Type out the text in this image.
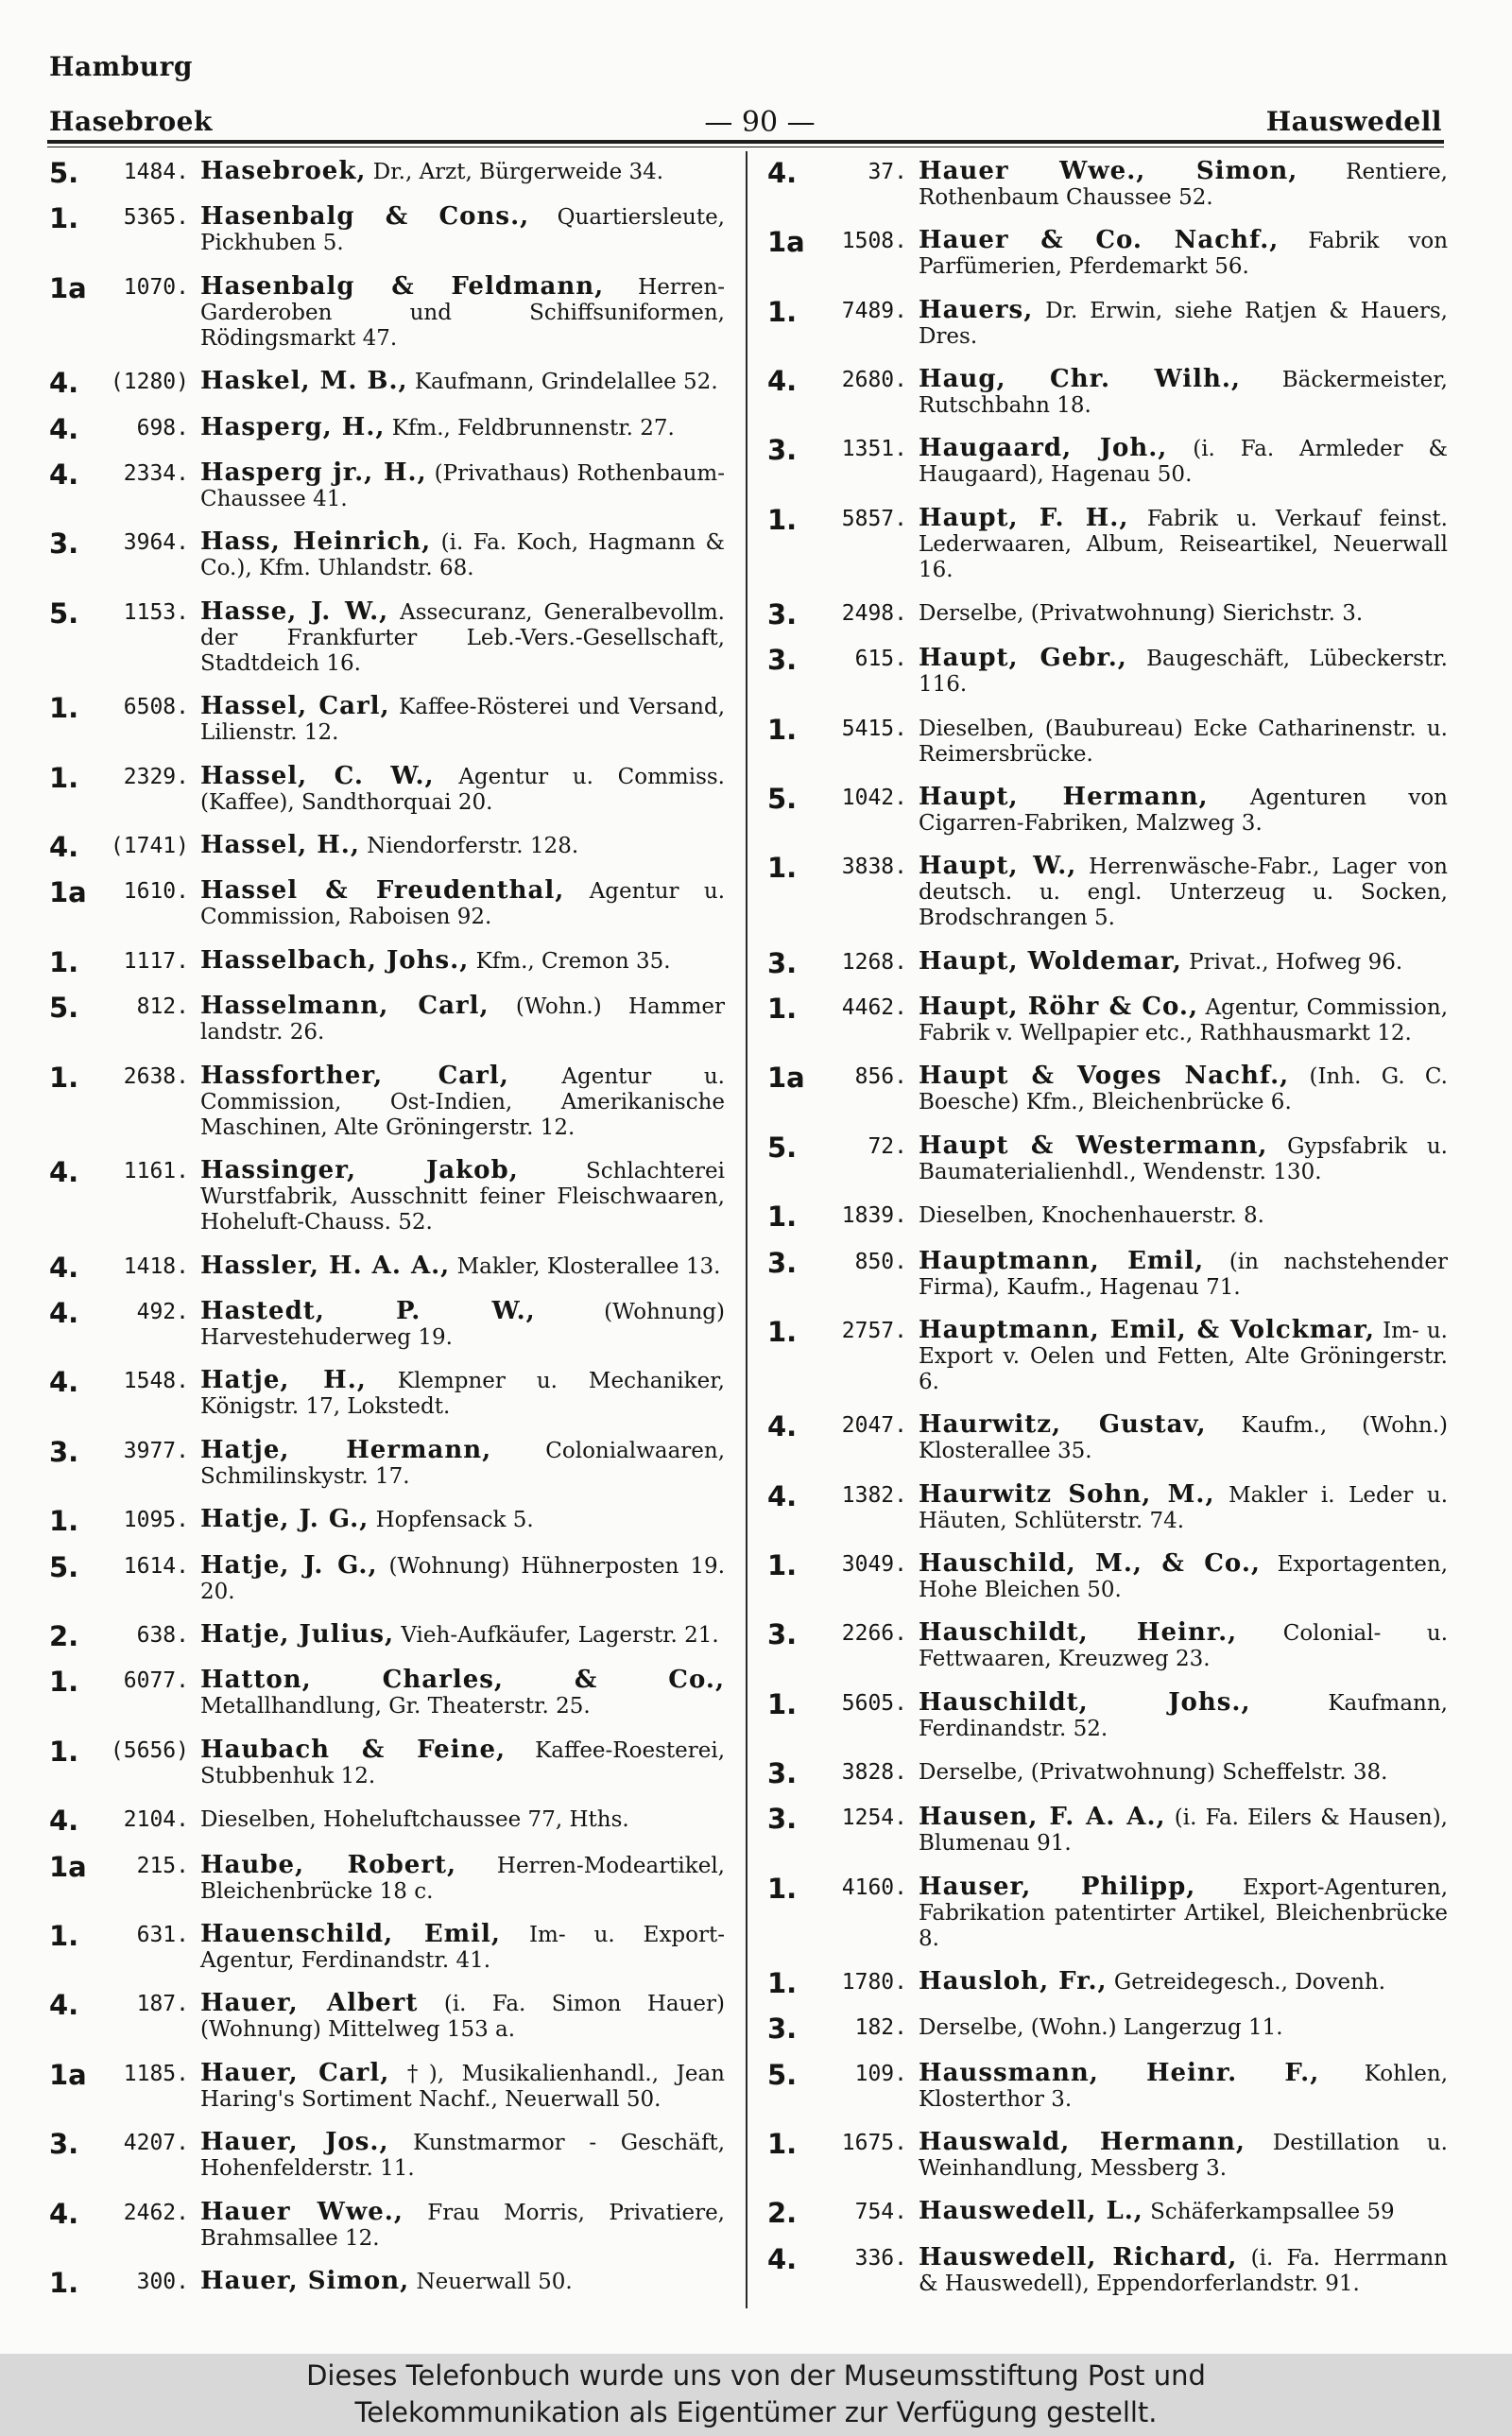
Hamburg
Hasebroek	— 90 —	Hauswedell
5.	1484. Hasebroek, Dr., Arzt, Bürgerweide 34.
1.	5365. Hasenbalg & Cons., Quartiersleute, Pickhuben 5.
1a	1070. Hasenbalg & Feldmann, Herren-Garderoben und Schiffsuniformen, Rödingsmarkt 47.
4.	(1280) Haskel, M. B., Kaufmann, Grindelallee 52.
4.	698. Hasperg, H., Kfm., Feldbrunnenstr. 27.
4.	2334. Hasperg jr., H., (Privathaus) Rothenbaum-Chaussee 41.
3.	3964. Hass, Heinrich, (i. Fa. Koch, Hagmann & Co.), Kfm. Uhlandstr. 68.
5.	1153. Hasse, J. W., Assecuranz, Generalbevollm. der Frankfurter Leb.-Vers.-Gesellschaft, Stadtdeich 16.
1.	6508. Hassel, Carl, Kaffee-Rösterei und Versand, Lilienstr. 12.
1.	2329. Hassel, C. W., Agentur u. Commiss. (Kaffee), Sandthorquai 20.
4.	(1741) Hassel, H., Niendorferstr. 128.
1a	1610. Hassel & Freudenthal, Agentur u. Commission, Raboisen 92.
1.	1117. Hasselbach, Johs., Kfm., Cremon 35.
5.	812. Hasselmann, Carl, (Wohn.) Hammer landstr. 26.
1.	2638. Hassforther, Carl, Agentur u. Commission, Ost-Indien, Amerikanische Maschinen, Alte Gröningerstr. 12.
4.	1161. Hassinger, Jakob,	Schlachterei Wurstfabrik, Ausschnitt feiner Fleischwaaren, Hoheluft-Chauss. 52.
4.	1418. Hassler, H. A. A., Makler, Klosterallee 13.
4.	492. Hastedt, P. W.,	(Wohnung) Harvestehuderweg 19.
4.	1548. Hatje, H., Klempner u. Mechaniker, Königstr. 17, Lokstedt.
3.	3977. Hatje, Hermann, Colonialwaaren, Schmilinskystr. 17.
1.	1095. Hatje, J. G., Hopfensack 5.
5.	1614. Hatje, J. G., (Wohnung) Hühnerposten 19. 20.
2.	638. Hatje, Julius, Vieh-Aufkäufer, Lagerstr. 21.
1.	6077. Hatton, Charles, & Co., Metallhandlung, Gr. Theaterstr. 25.
1.	(5656) Haubach & Feine, Kaffee-Roesterei, Stubbenhuk 12.
4.	2104. Dieselben, Hoheluftchaussee 77, Hths.
1a	215. Haube, Robert, Herren-Modeartikel, Bleichenbrücke 18 c.
1.	631. Hauenschild, Emil, Im- u. Export-Agentur, Ferdinandstr. 41.
4.	187. Hauer, Albert (i. Fa. Simon Hauer) (Wohnung) Mittelweg 153 a.
1a	1185. Hauer, Carl, †), Musikalienhandl., Jean Haring's Sortiment Nachf., Neuerwall 50.
3.	4207. Hauer, Jos., Kunstmarmor - Geschäft, Hohenfelderstr. 11.
4.	2462. Hauer Wwe., Frau Morris, Privatiere, Brahmsallee 12.
1.	300. Hauer, Simon, Neuerwall 50.
4.	37. Hauer Wwe., Simon, Rentiere, Rothenbaum Chaussee 52.
1a	1508. Hauer & Co. Nachf., Fabrik von Parfümerien, Pferdemarkt 56.
1.	7489. Hauers, Dr. Erwin, siehe Ratjen & Hauers, Dres.
4.	2680. Haug, Chr. Wilh., Bäckermeister, Rutschbahn 18.
3.	1351. Haugaard, Joh., (i. Fa. Armleder & Haugaard), Hagenau 50.
1.	5857. Haupt, F. H., Fabrik u. Verkauf feinst. Lederwaaren, Album, Reiseartikel, Neuerwall 16.
3.	2498. Derselbe, (Privatwohnung) Sierichstr. 3.
3.	615. Haupt, Gebr., Baugeschäft, Lübeckerstr. 116.
1.	5415. Dieselben, (Baubureau) Ecke Catharinenstr. u. Reimersbrücke.
5.	1042. Haupt, Hermann, Agenturen von Cigarren-Fabriken, Malzweg 3.
1.	3838. Haupt, W., Herrenwäsche-Fabr., Lager von deutsch. u. engl. Unterzeug u. Socken, Brodschrangen 5.
3.	1268. Haupt, Woldemar, Privat., Hofweg 96.
1.	4462. Haupt, Röhr & Co., Agentur, Commission, Fabrik v. Wellpapier etc., Rathhausmarkt 12.
1a	856. Haupt & Voges Nachf., (Inh. G. C. Boesche) Kfm., Bleichenbrücke 6.
5.	72. Haupt & Westermann, Gypsfabrik u. Baumaterialienhdl., Wendenstr. 130.
1.	1839. Dieselben, Knochenhauerstr. 8.
3.	850. Hauptmann, Emil, (in nachstehender Firma), Kaufm., Hagenau 71.
1.	2757. Hauptmann, Emil, & Volckmar, Im- u. Export v. Oelen und Fetten, Alte Gröningerstr. 6.
4.	2047. Haurwitz, Gustav, Kaufm., (Wohn.) Klosterallee 35.
4.	1382. Haurwitz Sohn, M., Makler i. Leder u. Häuten, Schlüterstr. 74.
1.	3049. Hauschild, M., & Co., Exportagenten, Hohe Bleichen 50.
3.	2266. Hauschildt, Heinr., Colonial- u. Fettwaaren, Kreuzweg 23.
1.	5605. Hauschildt, Johs.,	Kaufmann, Ferdinandstr. 52.
3.	3828. Derselbe, (Privatwohnung) Scheffelstr. 38.
3.	1254. Hausen, F. A. A., (i. Fa. Eilers & Hausen), Blumenau 91.
1.	4160. Hauser, Philipp, Export-Agenturen, Fabrikation patentirter Artikel, Bleichenbrücke 8.
1.	1780. Hausloh, Fr., Getreidegesch., Dovenh.
3.	182. Derselbe, (Wohn.) Langerzug 11.
5.	109. Haussmann, Heinr. F., Kohlen, Klosterthor 3.
1.	1675. Hauswald, Hermann, Destillation u. Weinhandlung, Messberg 3.
2.	754. Hauswedell, L., Schäferkampsallee 59
4.	336. Hauswedell, Richard, (i. Fa. Herrmann & Hauswedell), Eppendorferlandstr. 91.
Dieses Telefonbuch wurde uns von der Museumsstiftung Post und
Telekommunikation als Eigentümer zur Verfügung gestellt.
